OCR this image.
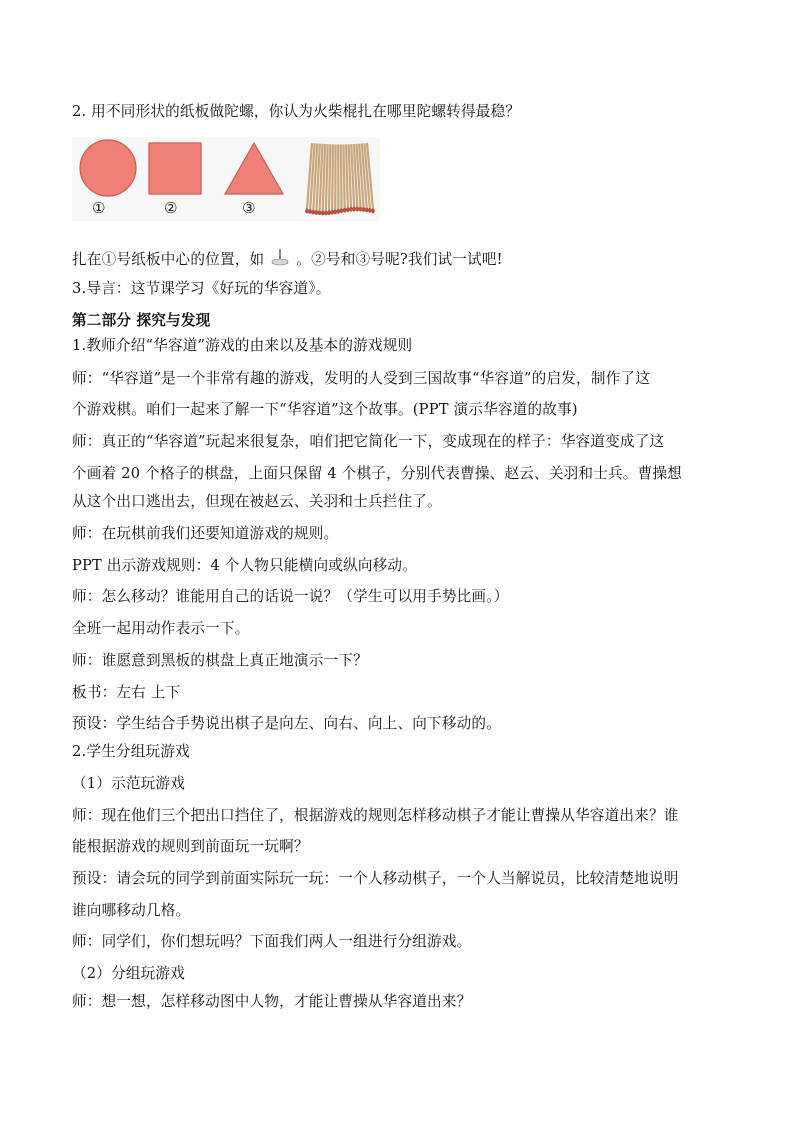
2. 用不同形状的纸板做陀螺，你认为火柴棍扎在哪里陀螺转得最稳？
①	②	③
扎在①号纸板中心的位置，如 。②号和③号呢?我们试一试吧!
3.导言：这节课学习《好玩的华容道》。
第二部分 探究与发现
1.教师介绍“华容道”游戏的由来以及基本的游戏规则
师：“华容道”是一个非常有趣的游戏，发明的人受到三国故事“华容道”的启发，制作了这
个游戏棋。咱们一起来了解一下“华容道”这个故事。(PPT 演示华容道的故事)
师：真正的“华容道”玩起来很复杂，咱们把它简化一下，变成现在的样子：华容道变成了这
个画着 20 个格子的棋盘，上面只保留 4 个棋子，分别代表曹操、赵云、关羽和士兵。曹操想
从这个出口逃出去，但现在被赵云、关羽和士兵拦住了。
师：在玩棋前我们还要知道游戏的规则。
PPT 出示游戏规则：4 个人物只能横向或纵向移动。
师：怎么移动？谁能用自己的话说一说？（学生可以用手势比画。）
全班一起用动作表示一下。
师：谁愿意到黑板的棋盘上真正地演示一下？
板书：左右 上下
预设：学生结合手势说出棋子是向左、向右、向上、向下移动的。
2.学生分组玩游戏
（1）示范玩游戏
师：现在他们三个把出口挡住了，根据游戏的规则怎样移动棋子才能让曹操从华容道出来？谁
能根据游戏的规则到前面玩一玩啊？
预设：请会玩的同学到前面实际玩一玩：一个人移动棋子，一个人当解说员，比较清楚地说明
谁向哪移动几格。
师：同学们，你们想玩吗？下面我们两人一组进行分组游戏。
（2）分组玩游戏
师：想一想，怎样移动图中人物，才能让曹操从华容道出来？
